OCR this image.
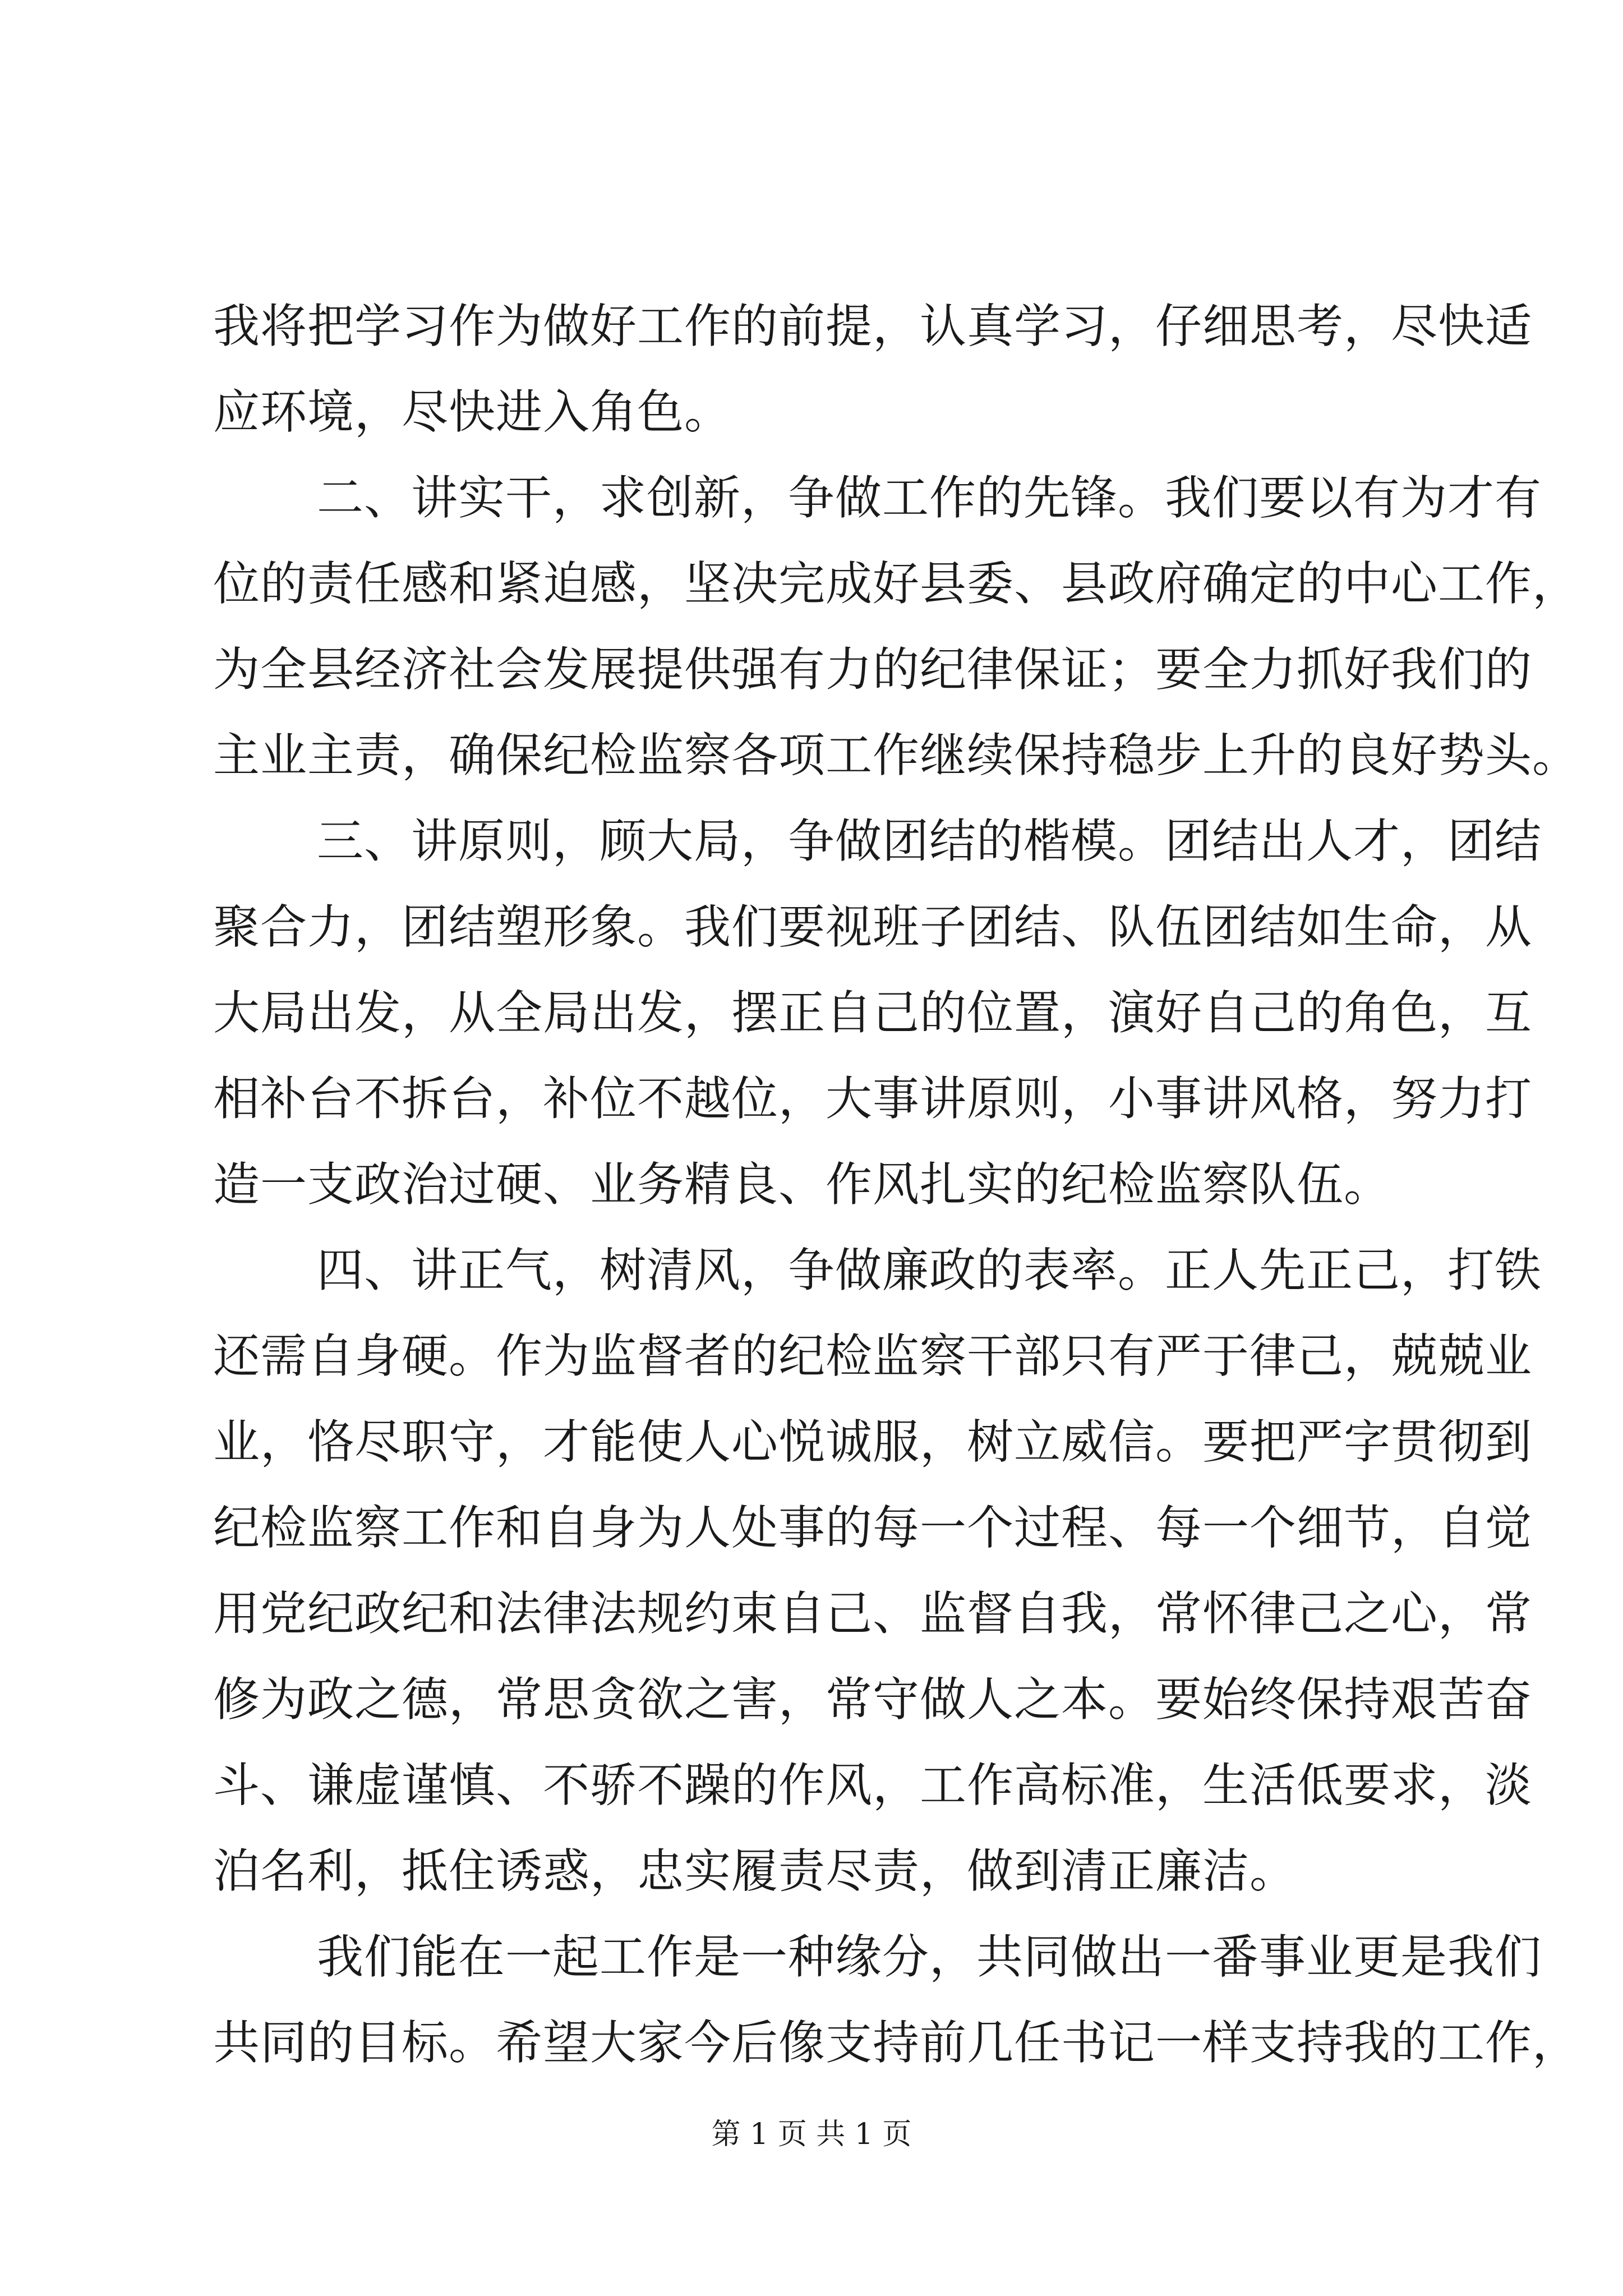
我将把学习作为做好工作的前提，认真学习，仔细思考，尽快适
应环境，尽快进入角色。
二、讲实干，求创新，争做工作的先锋。我们要以有为才有
位的责任感和紧迫感，坚决完成好县委、县政府确定的中心工作，
为全县经济社会发展提供强有力的纪律保证；要全力抓好我们的
主业主责，确保纪检监察各项工作继续保持稳步上升的良好势头。
三、讲原则，顾大局，争做团结的楷模。团结出人才，团结
聚合力，团结塑形象。我们要视班子团结、队伍团结如生命，从
大局出发，从全局出发，摆正自己的位置，演好自己的角色，互
相补台不拆台，补位不越位，大事讲原则，小事讲风格，努力打
造一支政治过硬、业务精良、作风扎实的纪检监察队伍。
四、讲正气，树清风，争做廉政的表率。正人先正己，打铁
还需自身硬。作为监督者的纪检监察干部只有严于律己，兢兢业
业，恪尽职守，才能使人心悦诚服，树立威信。要把严字贯彻到
纪检监察工作和自身为人处事的每一个过程、每一个细节，自觉
用党纪政纪和法律法规约束自己、监督自我，常怀律己之心，常
修为政之德，常思贪欲之害，常守做人之本。要始终保持艰苦奋
斗、谦虚谨慎、不骄不躁的作风，工作高标准，生活低要求，淡
泊名利，抵住诱惑，忠实履责尽责，做到清正廉洁。
我们能在一起工作是一种缘分，共同做出一番事业更是我们
共同的目标。希望大家今后像支持前几任书记一样支持我的工作，
第 1 页 共 1 页
